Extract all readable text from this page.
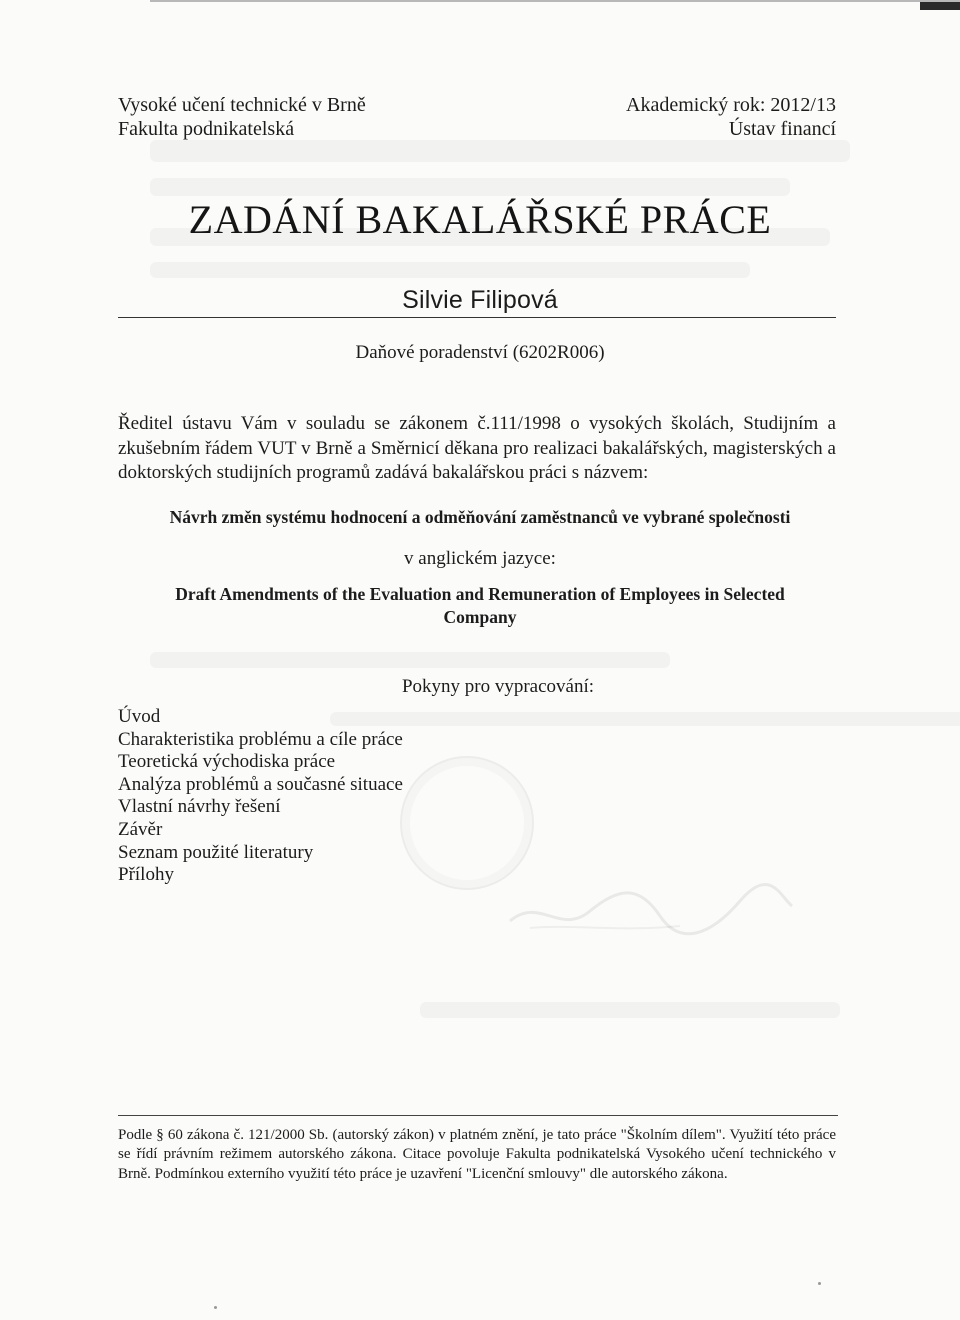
Vysoké učení technické v Brně
Fakulta podnikatelská
Akademický rok: 2012/13
Ústav financí
ZADÁNÍ BAKALÁŘSKÉ PRÁCE
Silvie Filipová
Daňové poradenství (6202R006)
Ředitel ústavu Vám v souladu se zákonem č.111/1998 o vysokých školách, Studijním a
zkušebním řádem VUT v Brně a Směrnicí děkana pro realizaci bakalářských, magisterských a
doktorských studijních programů zadává bakalářskou práci s názvem:
Návrh změn systému hodnocení a odměňování zaměstnanců ve vybrané společnosti
v anglickém jazyce:
Draft Amendments of the Evaluation and Remuneration of Employees in Selected
Company
Pokyny pro vypracování:
Úvod
Charakteristika problému a cíle práce
Teoretická východiska práce
Analýza problémů a současné situace
Vlastní návrhy řešení
Závěr
Seznam použité literatury
Přílohy
Podle § 60 zákona č. 121/2000 Sb. (autorský zákon) v platném znění, je tato práce "Školním dílem". Využití této práce se řídí právním režimem autorského zákona. Citace povoluje Fakulta podnikatelská Vysokého učení technického v Brně. Podmínkou externího využití této práce je uzavření "Licenční smlouvy" dle autorského zákona.
